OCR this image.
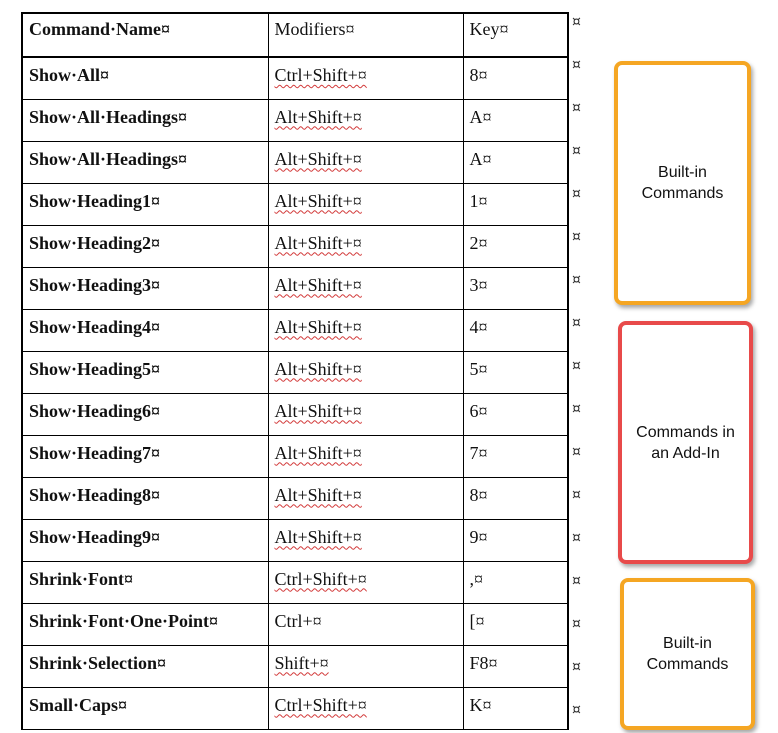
Command·Name¤	Modifiers¤	Key¤
Show·All¤	Ctrl+Shift+¤	8¤
Show·All·Headings¤	Alt+Shift+¤	A¤
Show·All·Headings¤	Alt+Shift+¤	A¤
Show·Heading1¤	Alt+Shift+¤	1¤
Show·Heading2¤	Alt+Shift+¤	2¤
Show·Heading3¤	Alt+Shift+¤	3¤
Show·Heading4¤	Alt+Shift+¤	4¤
Show·Heading5¤	Alt+Shift+¤	5¤
Show·Heading6¤	Alt+Shift+¤	6¤
Show·Heading7¤	Alt+Shift+¤	7¤
Show·Heading8¤	Alt+Shift+¤	8¤
Show·Heading9¤	Alt+Shift+¤	9¤
Shrink·Font¤	Ctrl+Shift+¤	,¤
Shrink·Font·One·Point¤	Ctrl+¤	[¤
Shrink·Selection¤	Shift+¤	F8¤
Small·Caps¤	Ctrl+Shift+¤	K¤
¤
¤
¤
¤
¤
¤
¤
¤
¤
¤
¤
¤
¤
¤
¤
¤
¤
Built-in
Commands
Commands in
an Add-In
Built-in
Commands
